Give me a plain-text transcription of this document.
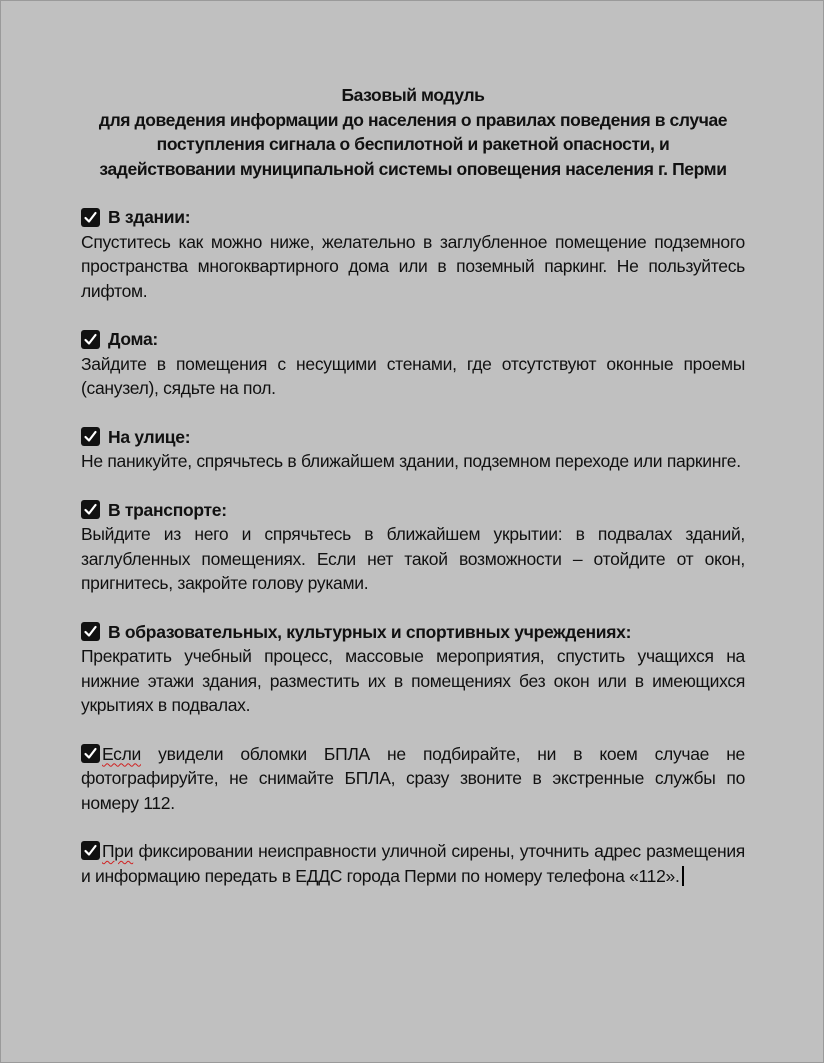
Базовый модуль
для доведения информации до населения о правилах поведения в случае
поступления сигнала о беспилотной и ракетной опасности, и
задействовании муниципальной системы оповещения населения г. Перми
В здании:
Спуститесь как можно ниже, желательно в заглубленное помещение подземного пространства многоквартирного дома или в поземный паркинг. Не пользуйтесь лифтом.
Дома:
Зайдите в помещения с несущими стенами, где отсутствуют оконные проемы (санузел), сядьте на пол.
На улице:
Не паникуйте, спрячьтесь в ближайшем здании, подземном переходе или паркинге.
В транспорте:
Выйдите из него и спрячьтесь в ближайшем укрытии: в подвалах зданий, заглубленных помещениях. Если нет такой возможности – отойдите от окон, пригнитесь, закройте голову руками.
В образовательных, культурных и спортивных учреждениях:
Прекратить учебный процесс, массовые мероприятия, спустить учащихся на нижние этажи здания, разместить их в помещениях без окон или в имеющихся укрытиях в подвалах.
Если увидели обломки БПЛА не подбирайте, ни в коем случае не фотографируйте, не снимайте БПЛА, сразу звоните в экстренные службы по номеру 112.
При фиксировании неисправности уличной сирены, уточнить адрес размещения и информацию передать в ЕДДС города Перми по номеру телефона «112».
